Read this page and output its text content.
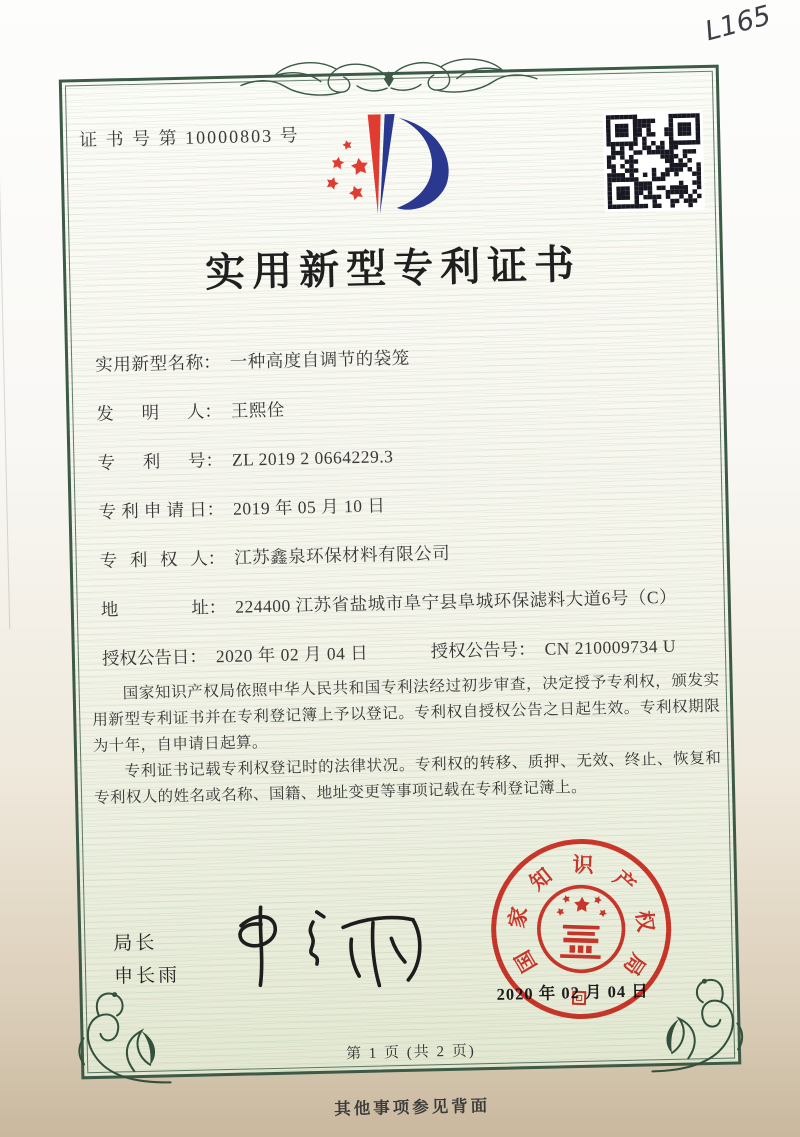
L165
证 书 号 第 10000803 号
实用新型专利证书
实用新型名称： 一种高度自调节的袋笼
发明人： 王熙佺
专利号： ZL 2019 2 0664229.3
专利申请日： 2019 年 05 月 10 日
专利权人： 江苏鑫泉环保材料有限公司
地址： 224400 江苏省盐城市阜宁县阜城环保滤料大道6号（C）
授权公告日： 2020 年 02 月 04 日	授权公告号： CN 210009734 U

国家知识产权局依照中华人民共和国专利法经过初步审查，决定授予专利权，颁发实用新型专利证书并在专利登记簿上予以登记。专利权自授权公告之日起生效。专利权期限为十年，自申请日起算。

专利证书记载专利权登记时的法律状况。专利权的转移、质押、无效、终止、恢复和专利权人的姓名或名称、国籍、地址变更等事项记载在专利登记簿上。

局长
申长雨
2020 年 02 月 04 日
国
家
知 识
产
权
局
第 1 页 (共 2 页)
其他事项参见背面
